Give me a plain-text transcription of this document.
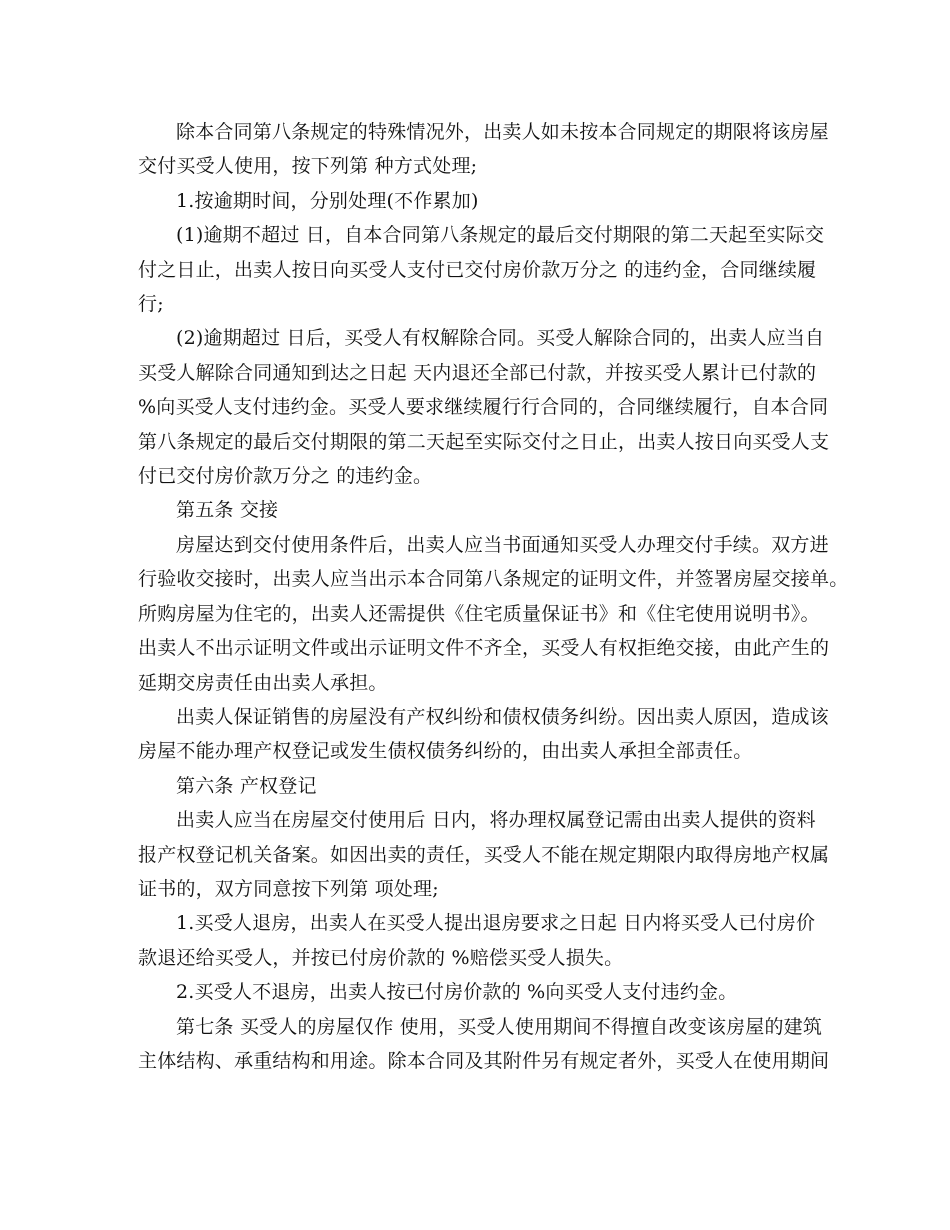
除本合同第八条规定的特殊情况外，出卖人如未按本合同规定的期限将该房屋
交付买受人使用，按下列第 种方式处理;
1.按逾期时间，分别处理(不作累加)
(1)逾期不超过 日，自本合同第八条规定的最后交付期限的第二天起至实际交
付之日止，出卖人按日向买受人支付已交付房价款万分之 的违约金，合同继续履
行;
(2)逾期超过 日后，买受人有权解除合同。买受人解除合同的，出卖人应当自
买受人解除合同通知到达之日起 天内退还全部已付款，并按买受人累计已付款的
%向买受人支付违约金。买受人要求继续履行行合同的，合同继续履行，自本合同
第八条规定的最后交付期限的第二天起至实际交付之日止，出卖人按日向买受人支
付已交付房价款万分之 的违约金。
第五条 交接
房屋达到交付使用条件后，出卖人应当书面通知买受人办理交付手续。双方进
行验收交接时，出卖人应当出示本合同第八条规定的证明文件，并签署房屋交接单。
所购房屋为住宅的，出卖人还需提供《住宅质量保证书》和《住宅使用说明书》。
出卖人不出示证明文件或出示证明文件不齐全，买受人有权拒绝交接，由此产生的
延期交房责任由出卖人承担。
出卖人保证销售的房屋没有产权纠纷和债权债务纠纷。因出卖人原因，造成该
房屋不能办理产权登记或发生债权债务纠纷的，由出卖人承担全部责任。
第六条 产权登记
出卖人应当在房屋交付使用后 日内，将办理权属登记需由出卖人提供的资料
报产权登记机关备案。如因出卖的责任，买受人不能在规定期限内取得房地产权属
证书的，双方同意按下列第 项处理;
1.买受人退房，出卖人在买受人提出退房要求之日起 日内将买受人已付房价
款退还给买受人，并按已付房价款的 %赔偿买受人损失。
2.买受人不退房，出卖人按已付房价款的 %向买受人支付违约金。
第七条 买受人的房屋仅作 使用，买受人使用期间不得擅自改变该房屋的建筑
主体结构、承重结构和用途。除本合同及其附件另有规定者外，买受人在使用期间
